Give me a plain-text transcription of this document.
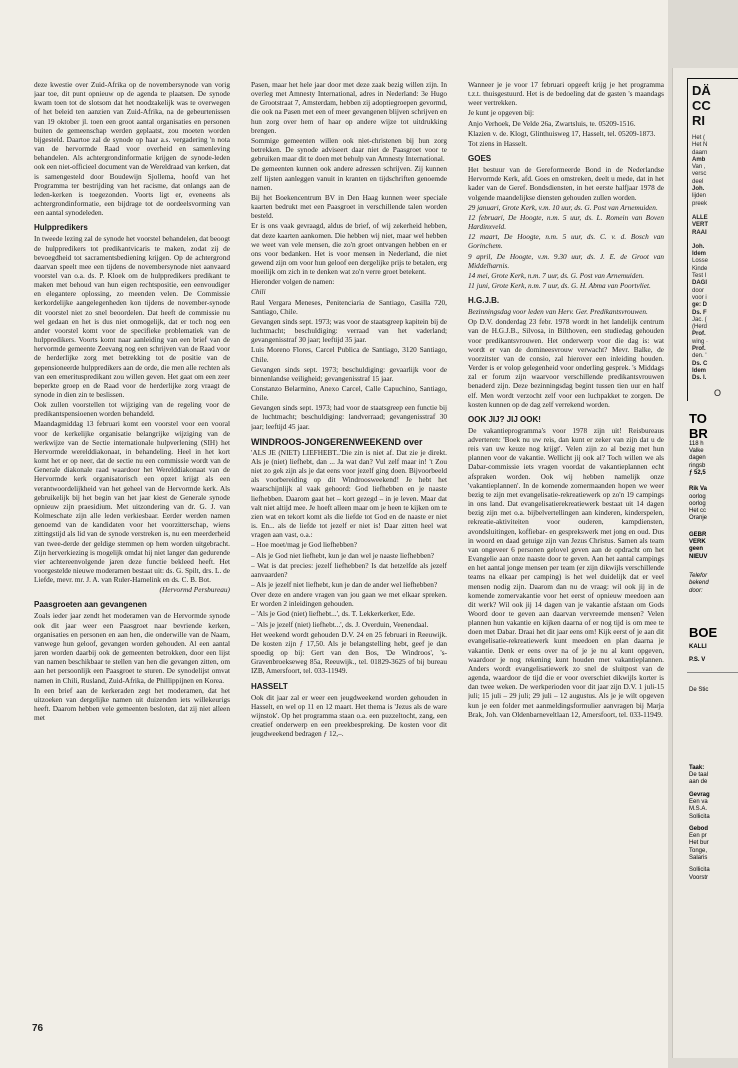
deze kwestie over Zuid-Afrika op de novembersynode van vorig jaar toe, dit punt opnieuw op de agenda te plaatsen. De synode kwam toen tot de slotsom dat het noodzakelijk was te overwegen of het beleid ten aanzien van Zuid-Afrika, na de gebeurtenissen van 19 oktober jl. toen een groot aantal organisaties en personen buiten de gemeenschap werden geplaatst, zou moeten worden bijgesteld. Daartoe zal de synode op haar a.s. vergadering 'n nota van de hervormde Raad voor overheid en samenleving behandelen. Als achtergrondinformatie krijgen de synode-leden ook een niet-officieel document van de Wereldraad van kerken, dat is samengesteld door Boudewijn Sjollema, hoofd van het Programma ter bestrijding van het racisme, dat onlangs aan de leden-kerken is toegezonden. Voorts ligt er, eveneens als achtergrondinformatie, een bijdrage tot de oordeelsvorming van een aantal synodeleden.

Hulppredikers

In tweede lezing zal de synode het voorstel behandelen, dat beoogt de hulppredikers tot predikantvicaris te maken, zodat zij de bevoegdheid tot sacramentsbediening krijgen. Op de achtergrond daarvan speelt mee een tijdens de novembersynode niet aanvaard voorstel van o.a. ds. P. Kloek om de hulppredikers predikant te maken met behoud van hun eigen rechtspositie, een eenvoudiger en elegantere oplossing, zo meenden velen. De Commissie kerkordelijke aangelegenheden kon tijdens de november-synode dit voorstel niet zo snel beoordelen. Dat heeft de commissie nu wel gedaan en het is dus niet onmogelijk, dat er toch nog een ander voorstel komt voor de specifieke problematiek van de hulppredikers. Voorts komt naar aanleiding van een brief van de hervormde gemeente Zeevang nog een schrijven van de Raad voor de herderlijke zorg met betrekking tot de positie van de gepensioneerde hulppredikers aan de orde, die men alle rechten als van een emerituspredikant zou willen geven. Het gaat om een zeer beperkte groep en de Raad voor de herderlijke zorg vraagt de synode in dien zin te beslissen.

Ook zullen voorstellen tot wijziging van de regeling voor de predikantspensioenen worden behandeld.

Maandagmiddag 13 februari komt een voorstel voor een vooral voor de kerkelijke organisatie belangrijke wijziging van de werkwijze van de Sectie internationale hulpverlening (SIH) het Hervormde werelddiakonaat, in behandeling. Heel in het kort komt het er op neer, dat de sectie nu een commissie wordt van de Generale diakonale raad waardoor het Werelddiakonaat van de Hervormde kerk organisatorisch een opzet krijgt als een verantwoordelijkheid van het geheel van de Hervormde kerk. Als gebruikelijk bij het begin van het jaar kiest de Generale synode opnieuw zijn praesidium. Met uitzondering van dr. G. J. van Kolmeschate zijn alle leden verkiesbaar. Eerder werden namen genoemd van de kandidaten voor het voorzitterschap, wiens zittingstijd als lid van de synode verstreken is, nu een meerderheid van twee-derde der geldige stemmen op hem worden uitgebracht. Zijn herverkiezing is mogelijk omdat hij niet langer dan gedurende vier achtereenvolgende jaren deze functie bekleed heeft. Het voorgestelde nieuwe moderamen bestaat uit: ds. G. Spilt, drs. L. de Liefde, mevr. mr. J. A. van Ruler-Hamelink en ds. C. B. Bot.

(Hervormd Persbureau)

Paasgroeten aan gevangenen

Zoals ieder jaar zendt het moderamen van de Hervormde synode ook dit jaar weer een Paasgroet naar bevriende kerken, organisaties en personen en aan hen, die onderwille van de Naam, vanwege hun geloof, gevangen worden gehouden. Al een aantal jaren worden daarbij ook de gemeenten betrokken, door een lijst van namen beschikbaar te stellen van hen die gevangen zitten, om aan het persoonlijk een Paasgroet te sturen. De synodelijst omvat namen in Chili, Rusland, Zuid-Afrika, de Phillippijnen en Korea.

In een brief aan de kerkeraden zegt het moderamen, dat het uitzoeken van dergelijke namen uit duizenden iets willekeurigs heeft. Daarom hebben vele gemeenten besloten, dat zij niet alleen met

Pasen, maar het hele jaar door met deze zaak bezig willen zijn. In overleg met Amnesty International, adres in Nederland: 3e Hugo de Grootstraat 7, Amsterdam, hebben zij adoptiegroepen gevormd, die ook na Pasen met een of meer gevangenen blijven schrijven en hun zorg over hem of haar op andere wijze tot uitdrukking brengen.

Sommige gemeenten willen ook niet-christenen bij hun zorg betrekken. De synode adviseert daar niet de Paasgroet voor te gebruiken maar dit te doen met behulp van Amnesty International.

De gemeenten kunnen ook andere adressen schrijven. Zij kunnen zelf lijsten aanleggen vanuit in kranten en tijdschriften genoemde namen.

Bij het Boekencentrum BV in Den Haag kunnen weer speciale kaarten bedrukt met een Paasgroet in verschillende talen worden besteld.

Er is ons vaak gevraagd, aldus de brief, of wij zekerheid hebben, dat deze kaarten aankomen. Die hebben wij niet, maar wel hebben we weet van vele mensen, die zo'n groet ontvangen hebben en er ons voor bedanken. Het is voor mensen in Nederland, die niet gewend zijn om voor hun geloof een dergelijke prijs te betalen, erg moeilijk om zich in te denken wat zo'n verre groet betekent.

Hieronder volgen de namen:

Chili

Raul Vergara Meneses, Penitenciaria de Santiago, Casilla 720, Santiago, Chile.

Gevangen sinds sept. 1973; was voor de staatsgreep kapitein bij de luchtmacht; beschuldiging: verraad van het vaderland; gevangenisstraf 30 jaar; leeftijd 35 jaar.

Luis Moreno Flores, Carcel Publica de Santiago, 3120 Santiago, Chile.

Gevangen sinds sept. 1973; beschuldiging: gevaarlijk voor de binnenlandse veiligheid; gevangenisstraf 15 jaar.

Constanzo Belarmino, Anexo Carcel, Calle Capuchino, Santiago, Chile.

Gevangen sinds sept. 1973; had voor de staatsgreep een functie bij de luchtmacht; beschuldiging: landverraad; gevangenisstraf 30 jaar; leeftijd 45 jaar.

WINDROOS-JONGERENWEEKEND over

'ALS JE (NIET) LIEFHEBT..'Die zin is niet af. Dat zie je direkt. Als je (niet) liefhebt, dan ... Ja wat dan? Vul zelf maar in! 't Zou niet zo gek zijn als je dat eens voor jezelf ging doen. Bijvoorbeeld als voorbereiding op dit Windroosweekend! Je hebt het waarschijnlijk al vaak gehoord: God liefhebben en je naaste liefhebben. Daarom gaat het – kort gezegd – in je leven. Maar dat valt niet altijd mee. Je hoeft alleen maar om je heen te kijken om te zien wat en tekort komt als die liefde tot God en de naaste er niet is. En... als de liefde tot jezelf er niet is! Daar zitten heel wat vragen aan vast, o.a.:

– Hoe moet/mag je God liefhebben?

– Als je God niet liefhebt, kun je dan wel je naaste liefhebben?

– Wat is dat precies: jezelf liefhebben? Is dat hetzelfde als jezelf aanvaarden?

– Als je jezelf niet liefhebt, kun je dan de ander wel liefhebben?

Over deze en andere vragen van jou gaan we met elkaar spreken. Er worden 2 inleidingen gehouden.

– 'Als je God (niet) liefhebt...', ds. T. Lekkerkerker, Ede.

– 'Als je jezelf (niet) liefhebt...', ds. J. Overduin, Veenendaal.

Het weekend wordt gehouden D.V. 24 en 25 februari in Reeuwijk. De kosten zijn ƒ 17,50. Als je belangstelling hebt, geef je dan spoedig op bij: Gert van den Bos, 'De Windroos', 's-Gravenbroekseweg 85a, Reeuwijk., tel. 01829-3625 of bij bureau IZB, Amersfoort, tel. 033-11949.

HASSELT

Ook dit jaar zal er weer een jeugdweekend worden gehouden in Hasselt, en wel op 11 en 12 maart. Het thema is 'Jezus als de ware wijnstok'. Op het programma staan o.a. een puzzeltocht, zang, een creatief onderwerp en een preekbespreking. De kosten voor dit jeugdweekend bedragen ƒ 12,–.

Wanneer je je voor 17 februari opgeeft krijg je het programma t.z.t. thuisgestuurd. Het is de bedoeling dat de gasten 's maandags weer vertrekken.

Je kunt je opgeven bij:

Anjo Verhoek, De Velde 26a, Zwartsluis, te. 05209-1516.

Klazien v. de. Klogt, Glinthuisweg 17, Hasselt, tel. 05209-1873.

Tot ziens in Hasselt.

GOES

Het bestuur van de Gereformeerde Bond in de Nederlandse Hervormde Kerk, afd. Goes en omstreken, deelt u mede, dat in het kader van de Geref. Bondsdiensten, in het eerste halfjaar 1978 de volgende maandelijkse diensten gehouden zullen worden.

29 januari, Grote Kerk, v.m. 10 uur, ds. G. Post van Arnemuiden.

12 februari, De Hoogte, n.m. 5 uur, ds. L. Romein van Boven Hardinxveld.

12 maart, De Hoogte, n.m. 5 uur, ds. C. v. d. Bosch van Gorinchem.

9 april, De Hoogte, v.m. 9.30 uur, ds. J. E. de Groot van Middelharnis.

14 mei, Grote Kerk, n.m. 7 uur, ds. G. Post van Arnemuiden.

11 juni, Grote Kerk, n.m. 7 uur, ds. G. H. Abma van Poortvliet.

H.G.J.B.

Bezinningsdag voor leden van Herv. Ger. Predikantsvrouwen.

Op D.V. donderdag 23 febr. 1978 wordt in het landelijk centrum van de H.G.J.B., Silvosa, in Bilthoven, een studiedag gehouden voor predikantsvrouwen. Het onderwerp voor die dag is: wat wordt er van de domineesvrouw verwacht? Mevr. Balke, de voorzitster van de consio, zal hierover een inleiding houden. Verder is er volop gelegenheid voor onderling gesprek. 's Middags zal er forum zijn waarvoor verschillende predikantsvrouwen benaderd zijn. Deze bezinningsdag begint tussen tien uur en half elf. Men wordt verzocht zelf voor een luchpakket te zorgen. De kosten kunnen op de dag zelf verrekend worden.

OOK JIJ? JIJ OOK!

De vakantieprogramma's voor 1978 zijn uit! Reisbureaus adverteren: 'Boek nu uw reis, dan kunt er zeker van zijn dat u de reis van uw keuze nog krijgt'. Velen zijn zo al bezig met hun plannen voor de vakantie. Wellicht jij ook al? Toch willen we als Dabar-commissie iets vragen voordat de vakantieplannen echt afspraken worden. Ook wij hebben namelijk onze 'vakantieplannen'. In de komende zomermaanden hopen we weer bezig te zijn met evangelisatie-rekreatiewerk op zo'n 19 campings in ons land. Dat evangelisatierekreatiewerk bestaat uit 14 dagen bezig zijn met o.a. bijbelvertellingen aan kinderen, kinderspelen, rekreatie-aktiviteiten voor ouderen, kampdiensten, avondsluitingen, koffiebar- en gesprekswerk met jong en oud. Dus in woord en daad getuige zijn van Jezus Christus. Samen als team van ongeveer 6 personen gelovel geven aan de opdracht om het Evangelie aan onze naaste door te geven. Aan het aantal campings en het aantal jonge mensen per team (er zijn dikwijls verschillende teams na elkaar per camping) is het wel duidelijk dat er veel mensen nodig zijn. Daarom dan nu de vraag: wil ook jij in de komende zomervakantie voor het eerst of opnieuw meedoen aan dit werk? Wil ook jij 14 dagen van je vakantie afstaan om Gods Woord door te geven aan daarvan vervreemde mensen? Velen plannen hun vakantie en kijken daarna of er nog tijd is om mee te doen met Dabar. Draai het dit jaar eens om! Kijk eerst of je aan dit evangelisatie-rekreatiewerk kunt meedoen en plan daarna je vakantie. Denk er eens over na of je je nu al kunt opgeven, waardoor je nog rekening kunt houden met vakantieplannen. Anders wordt evangelisatiewerk zo snel de sluitpost van de agenda, waardoor de tijd die er voor overschiet dikwijls korter is dan twee weken. De werkperioden voor dit jaar zijn D.V. 1 juli-15 juli; 15 juli – 29 juli; 29 juli – 12 augustus. Als je je wilt opgeven kun je een folder met aanmeldingsformulier aanvragen bij Marja Brak, Joh. van Oldenbarneveltlaan 12, Amersfoort, tel. 033-11949.

76
DÄ
CC
RI
Het (
Het N
daarn
Amb
Van ,
versc
deel
Joh.
lijden
preek
ALLE
VERT
RAAI
Joh.
Idem
Losse
Kinde
Test I
DAGI
door
voor i
ge: D
Ds. F
Jac. (
(Herd
Prof.
wing ·
Prof.
den. '
Ds. C
Idem
Ds. I.
O
TO
BR
118 h
Valke
dagen
ringsb
ƒ 52,5
Rik Va
oorlog
oorlog
Het cc
Oranje
GEBR
VERK
geen
NIEUV
Telefor
bekend
door:
BOE
KALLI
P.S. V
De Stic
Taak:
De taal
aan de
Gevrag
Een va
M.S.A.
Sollicita
Gebod
Een pr
Het bur
Tonge,
Salaris
Sollicita
Voorstr
